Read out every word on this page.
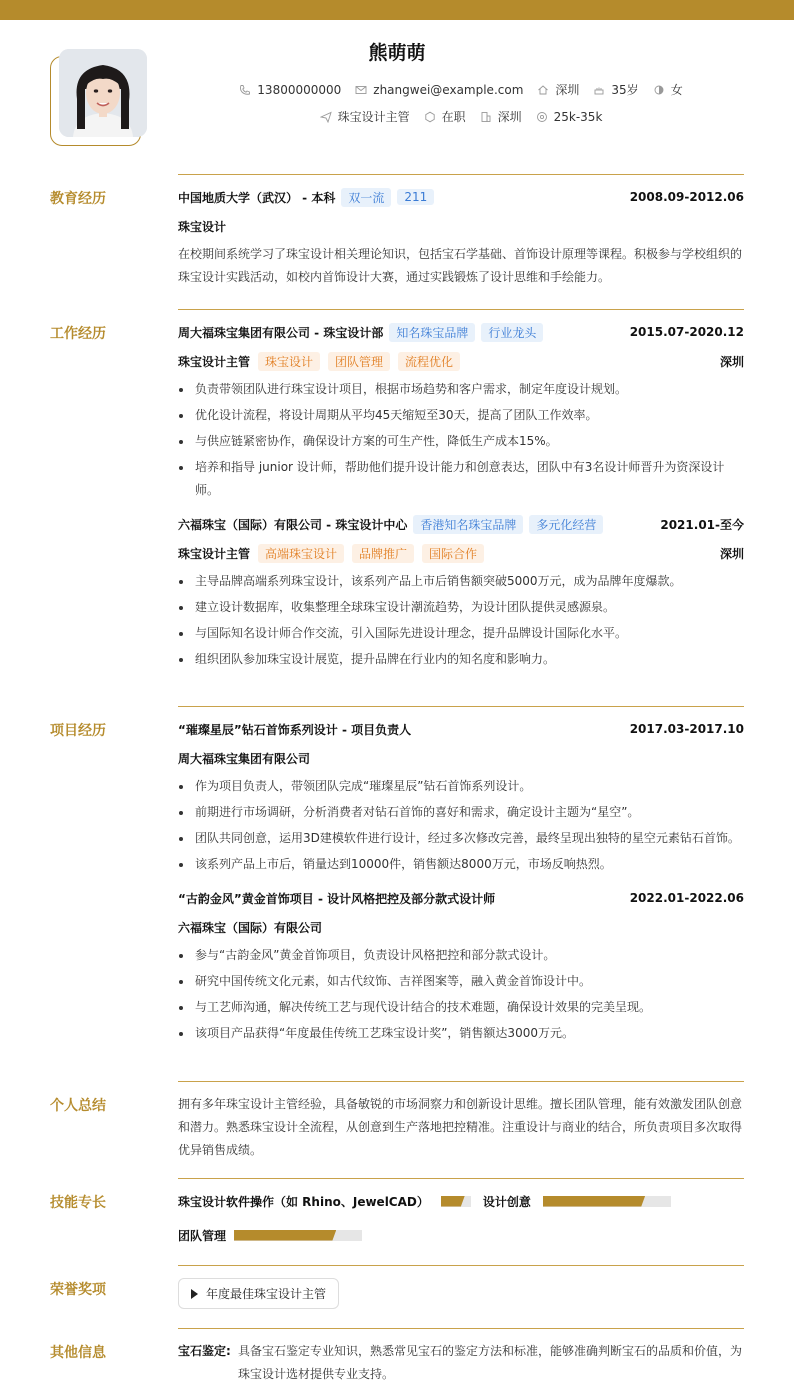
熊萌萌
13800000000	zhangwei@example.com	深圳	35岁	女
珠宝设计主管	在职	深圳	25k-35k
教育经历	中国地质大学（武汉） - 本科	双一流	211	2008.09-2012.06
珠宝设计
在校期间系统学习了珠宝设计相关理论知识，包括宝石学基础、首饰设计原理等课程。积极参与学校组织的珠宝设计实践活动，如校内首饰设计大赛，通过实践锻炼了设计思维和手绘能力。
工作经历	周大福珠宝集团有限公司 - 珠宝设计部	知名珠宝品牌	行业龙头	2015.07-2020.12
珠宝设计主管	珠宝设计	团队管理	流程优化	深圳
负责带领团队进行珠宝设计项目，根据市场趋势和客户需求，制定年度设计规划。
优化设计流程，将设计周期从平均45天缩短至30天，提高了团队工作效率。
与供应链紧密协作，确保设计方案的可生产性，降低生产成本15%。
培养和指导 junior 设计师，帮助他们提升设计能力和创意表达，团队中有3名设计师晋升为资深设计师。
六福珠宝（国际）有限公司 - 珠宝设计中心	香港知名珠宝品牌	多元化经营	2021.01-至今
珠宝设计主管	高端珠宝设计	品牌推广	国际合作	深圳
主导品牌高端系列珠宝设计，该系列产品上市后销售额突破5000万元，成为品牌年度爆款。
建立设计数据库，收集整理全球珠宝设计潮流趋势，为设计团队提供灵感源泉。
与国际知名设计师合作交流，引入国际先进设计理念，提升品牌设计国际化水平。
组织团队参加珠宝设计展览，提升品牌在行业内的知名度和影响力。
项目经历	“璀璨星辰”钻石首饰系列设计 - 项目负责人	2017.03-2017.10
周大福珠宝集团有限公司
作为项目负责人，带领团队完成“璀璨星辰”钻石首饰系列设计。
前期进行市场调研，分析消费者对钻石首饰的喜好和需求，确定设计主题为“星空”。
团队共同创意，运用3D建模软件进行设计，经过多次修改完善，最终呈现出独特的星空元素钻石首饰。
该系列产品上市后，销量达到10000件，销售额达8000万元，市场反响热烈。
“古韵金风”黄金首饰项目 - 设计风格把控及部分款式设计师	2022.01-2022.06
六福珠宝（国际）有限公司
参与“古韵金风”黄金首饰项目，负责设计风格把控和部分款式设计。
研究中国传统文化元素，如古代纹饰、吉祥图案等，融入黄金首饰设计中。
与工艺师沟通，解决传统工艺与现代设计结合的技术难题，确保设计效果的完美呈现。
该项目产品获得“年度最佳传统工艺珠宝设计奖”，销售额达3000万元。
个人总结	拥有多年珠宝设计主管经验，具备敏锐的市场洞察力和创新设计思维。擅长团队管理，能有效激发团队创意和潜力。熟悉珠宝设计全流程，从创意到生产落地把控精准。注重设计与商业的结合，所负责项目多次取得优异销售成绩。
技能专长	珠宝设计软件操作（如 Rhino、JewelCAD）	设计创意
团队管理
荣誉奖项	年度最佳珠宝设计主管
其他信息	宝石鉴定: 具备宝石鉴定专业知识，熟悉常见宝石的鉴定方法和标准，能够准确判断宝石的品质和价值，为珠宝设计选材提供专业支持。
